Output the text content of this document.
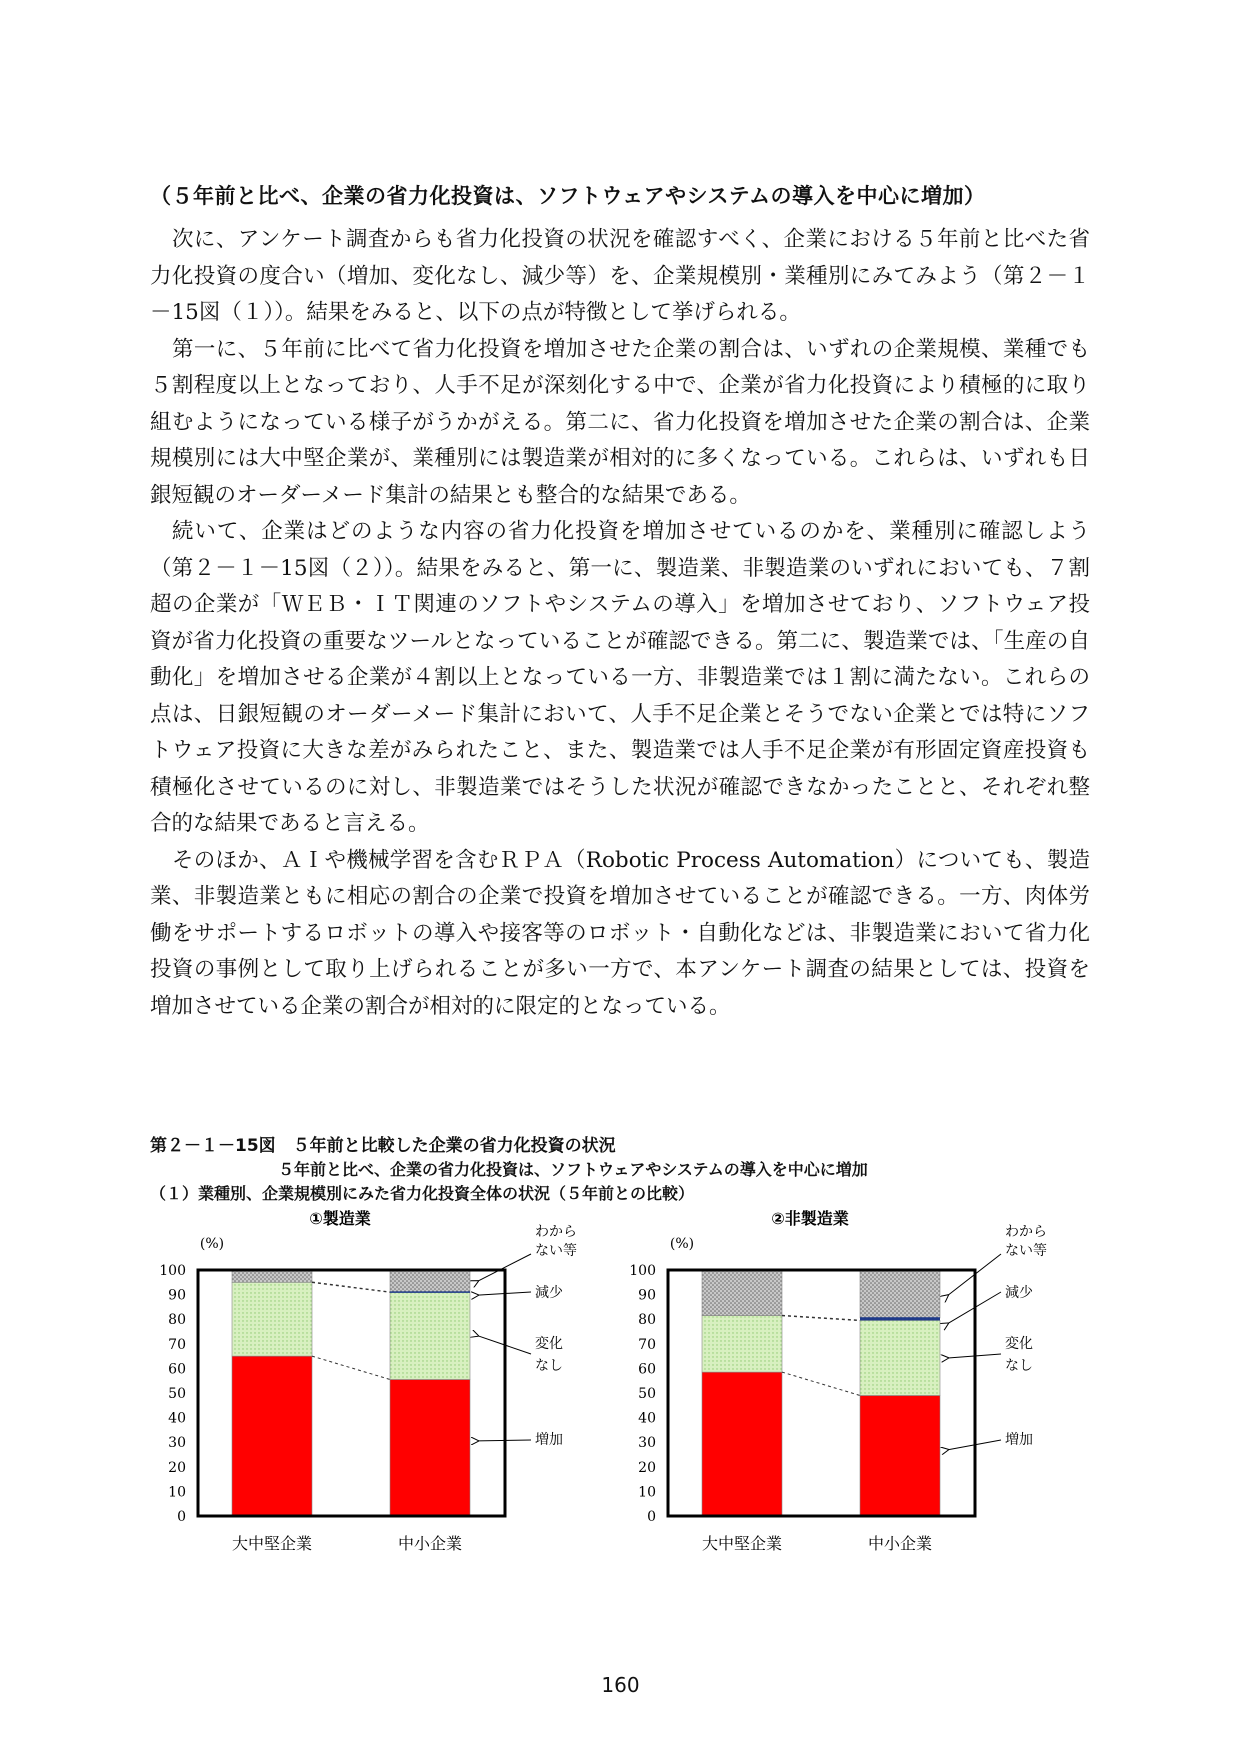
（５年前と比べ、企業の省力化投資は、ソフトウェアやシステムの導入を中心に増加）

次に、アンケート調査からも省力化投資の状況を確認すべく、企業における５年前と比べた省力化投資の度合い（増加、変化なし、減少等）を、企業規模別・業種別にみてみよう（第２－１－15図（１））。結果をみると、以下の点が特徴として挙げられる。

第一に、５年前に比べて省力化投資を増加させた企業の割合は、いずれの企業規模、業種でも５割程度以上となっており、人手不足が深刻化する中で、企業が省力化投資により積極的に取り組むようになっている様子がうかがえる。第二に、省力化投資を増加させた企業の割合は、企業規模別には大中堅企業が、業種別には製造業が相対的に多くなっている。これらは、いずれも日銀短観のオーダーメード集計の結果とも整合的な結果である。

続いて、企業はどのような内容の省力化投資を増加させているのかを、業種別に確認しよう（第２－１－15図（２））。結果をみると、第一に、製造業、非製造業のいずれにおいても、７割超の企業が「ＷＥＢ・ＩＴ関連のソフトやシステムの導入」を増加させており、ソフトウェア投資が省力化投資の重要なツールとなっていることが確認できる。第二に、製造業では、「生産の自動化」を増加させる企業が４割以上となっている一方、非製造業では１割に満たない。これらの点は、日銀短観のオーダーメード集計において、人手不足企業とそうでない企業とでは特にソフトウェア投資に大きな差がみられたこと、また、製造業では人手不足企業が有形固定資産投資も積極化させているのに対し、非製造業ではそうした状況が確認できなかったことと、それぞれ整合的な結果であると言える。

そのほか、ＡＩや機械学習を含むＲＰＡ（Robotic Process Automation）についても、製造業、非製造業ともに相応の割合の企業で投資を増加させていることが確認できる。一方、肉体労働をサポートするロボットの導入や接客等のロボット・自動化などは、非製造業において省力化投資の事例として取り上げられることが多い一方で、本アンケート調査の結果としては、投資を増加させている企業の割合が相対的に限定的となっている。

第２－１－15図　５年前と比較した企業の省力化投資の状況
５年前と比べ、企業の省力化投資は、ソフトウェアやシステムの導入を中心に増加
（１）業種別、企業規模別にみた省力化投資全体の状況（５年前との比較）
①製造業
(%)
0
10
20
30
40
50
60
70
80
90
100
大中堅企業	中小企業
わから
ない等
減少
変化
なし
増加
②非製造業
(%)
0
10
20
30
40
50
60
70
80
90
100
大中堅企業	中小企業
わから
ない等
減少
変化
なし
増加
160
